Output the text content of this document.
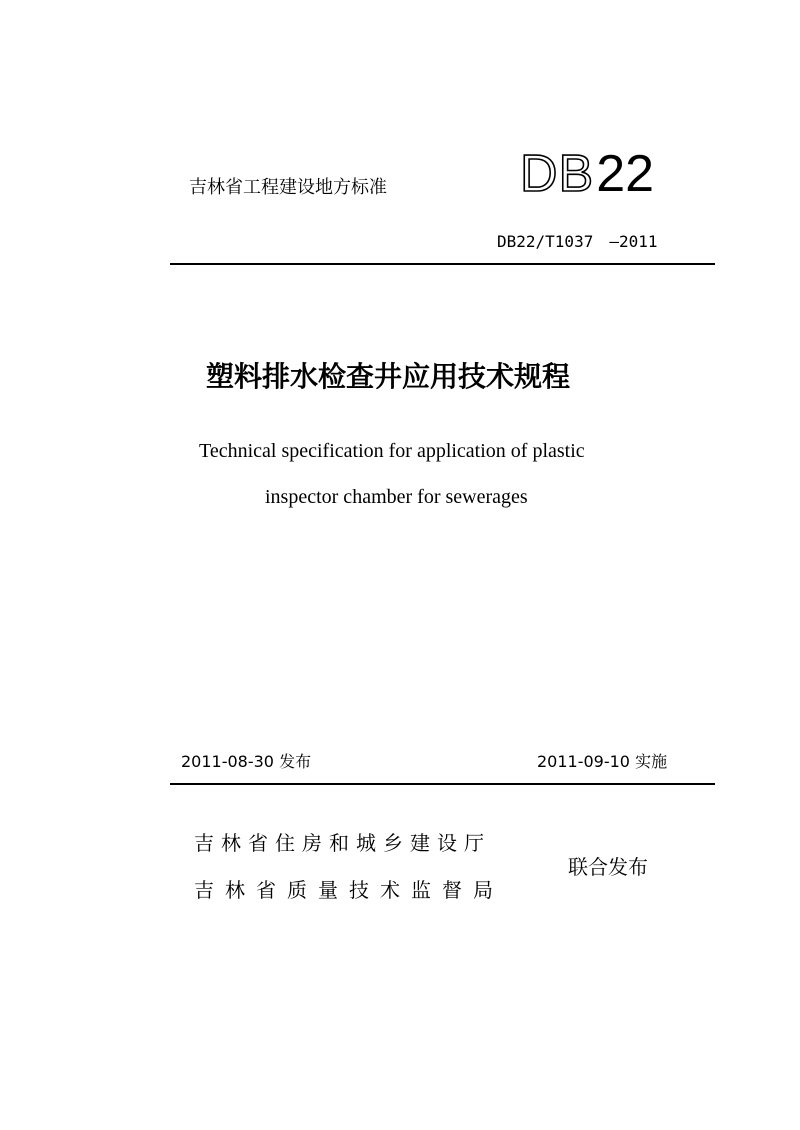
吉林省工程建设地方标准	DB 22
DB22/T1037　—2011
塑料排水检查井应用技术规程
Technical specification for application of plastic
inspector chamber for sewerages
2011-08-30 发布	2011-09-10 实施
吉林省住房和城乡建设厅
吉林省质量技术监督局
联合发布
